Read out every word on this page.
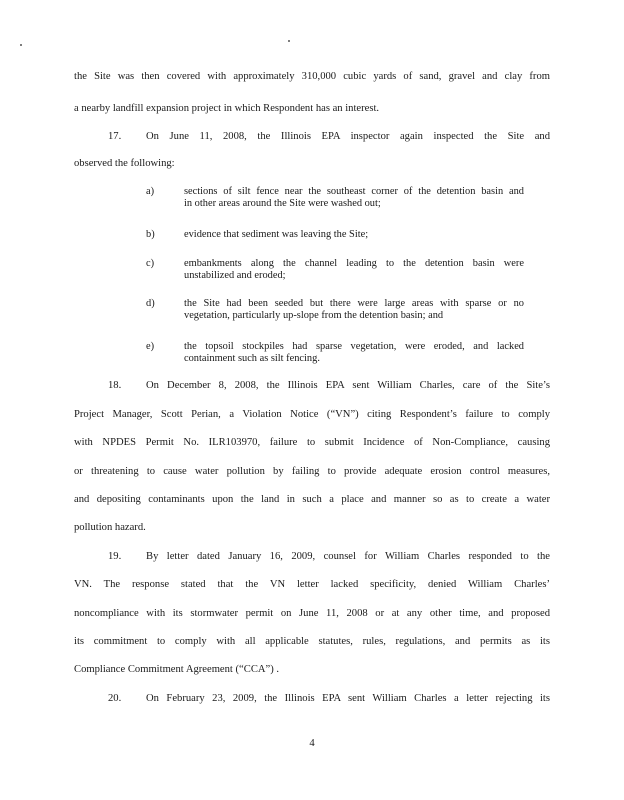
the Site was then covered with approximately 310,000 cubic yards of sand, gravel and clay from
a nearby landfill expansion project in which Respondent has an interest.
17. On June 11, 2008, the Illinois EPA inspector again inspected the Site and
observed the following:
a)	sections of silt fence near the southeast corner of the detention basin and
in other areas around the Site were washed out;
b)	evidence that sediment was leaving the Site;
c)	embankments along the channel leading to the detention basin were
unstabilized and eroded;
d)	the Site had been seeded but there were large areas with sparse or no
vegetation, particularly up-slope from the detention basin; and
e)	the topsoil stockpiles had sparse vegetation, were eroded, and lacked
containment such as silt fencing.
18. On December 8, 2008, the Illinois EPA sent William Charles, care of the Site’s
Project Manager, Scott Perian, a Violation Notice (“VN”) citing Respondent’s failure to comply
with NPDES Permit No. ILR103970, failure to submit Incidence of Non-Compliance, causing
or threatening to cause water pollution by failing to provide adequate erosion control measures,
and depositing contaminants upon the land in such a place and manner so as to create a water
pollution hazard.
19. By letter dated January 16, 2009, counsel for William Charles responded to the
VN. The response stated that the VN letter lacked specificity, denied William Charles’
noncompliance with its stormwater permit on June 11, 2008 or at any other time, and proposed
its commitment to comply with all applicable statutes, rules, regulations, and permits as its
Compliance Commitment Agreement (“CCA”) .
20. On February 23, 2009, the Illinois EPA sent William Charles a letter rejecting its
4
